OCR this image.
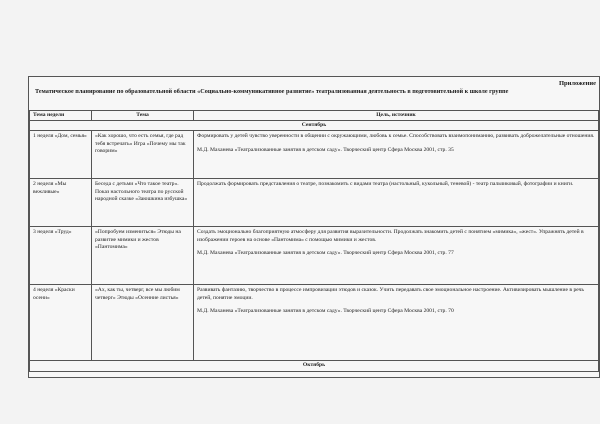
Приложение
Тематическое планирование по образовательной области «Социально-коммуникативное развитие» театрализованная деятельность в подготовительной к школе группе
Тема недели	Тема	Цель, источник
Сентябрь		
1 неделя «Дом, семья»	«Как хорошо, что есть семья, где рад тебя встречать» Игра «Почему мы так говорим»	Формировать у детей чувство уверенности в общении с окружающими, любовь к семье. Способствовать взаимопониманию, развивать доброжелательные отношения.
М.Д. Маханева «Театрализованные занятия в детском саду». Творческий центр Сфера Москва 2001, стр. 35

2 неделя «Мы вежливые»	Беседа с детьми «Что такое театр». Показ настольного театра по русской народной сказке «Заюшкина избушка»	Продолжать формировать представления о театре, познакомить с видами театра (настольный, кукольный, теневой) - театр пальчиковый, фотографии и книги.
3 неделя «Труд»	«Попробуем измениться» Этюды на развитие мимики и жестов «Пантомима»	Создать эмоционально благоприятную атмосферу для развития выразительности. Продолжать знакомить детей с понятием «мимика», «жест». Упражнять детей в изображении героев на основе «Пантомима» с помощью мимики и жестов.
М.Д. Маханева «Театрализованные занятия в детском саду». Творческий центр Сфера Москва 2001, стр. 77

4 неделя «Краски осени»	«Ах, как ты, четверг, все мы любим четверг» Этюды «Осенние листья»	Развивать фантазию, творчество в процессе импровизации этюдов и сказок. Учить передавать свое эмоциональное настроение. Активизировать мышление в речь детей, понятие эмоции.
М.Д. Маханева «Театрализованные занятия в детском саду». Творческий центр Сфера Москва 2001, стр. 70

Октябрь		
